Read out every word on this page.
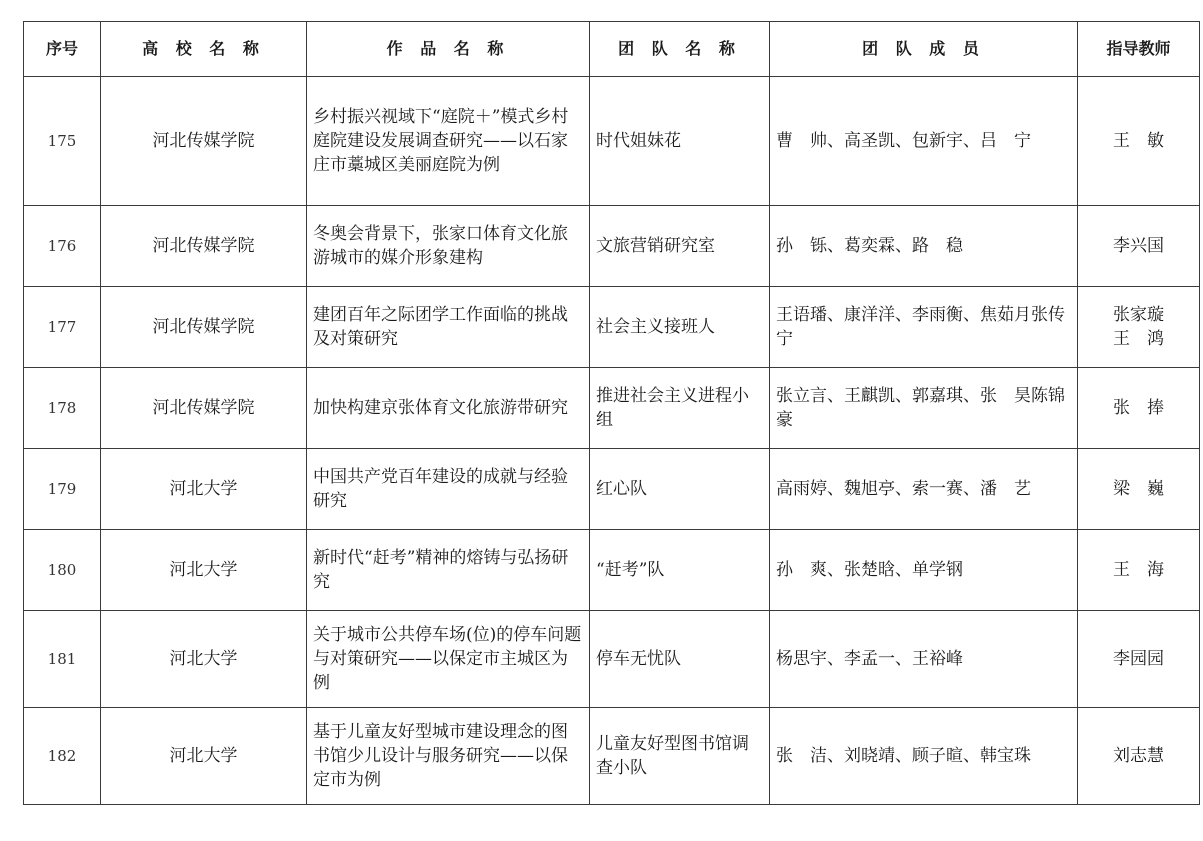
序号	高 校 名 称	作 品 名 称	团 队 名 称	团 队 成 员	指导教师
175	河北传媒学院	乡村振兴视域下“庭院＋”模式乡村庭院建设发展调查研究——以石家庄市藁城区美丽庭院为例	时代姐妹花	曹　帅、高圣凯、包新宇、吕　宁	王　敏

176	河北传媒学院	冬奥会背景下，张家口体育文化旅游城市的媒介形象建构	文旅营销研究室	孙　铄、葛奕霖、路　稳	李兴国

177	河北传媒学院	建团百年之际团学工作面临的挑战及对策研究	社会主义接班人	王语璠、康洋洋、李雨衡、焦茹月张传宁	张家璇
王　鸿

178	河北传媒学院	加快构建京张体育文化旅游带研究	推进社会主义进程小组	张立言、王麒凯、郭嘉琪、张　昊陈锦豪	张　捧

179	河北大学	中国共产党百年建设的成就与经验研究	红心队	高雨婷、魏旭亭、索一赛、潘　艺	梁　巍

180	河北大学	新时代“赶考”精神的熔铸与弘扬研究	“赶考”队	孙　爽、张楚晗、单学钢	王　海

181	河北大学	关于城市公共停车场(位)的停车问题与对策研究——以保定市主城区为例	停车无忧队	杨思宇、李孟一、王裕峰	李园园

182	河北大学	基于儿童友好型城市建设理念的图书馆少儿设计与服务研究——以保定市为例	儿童友好型图书馆调查小队	张　洁、刘晓靖、顾子暄、韩宝珠	刘志慧
